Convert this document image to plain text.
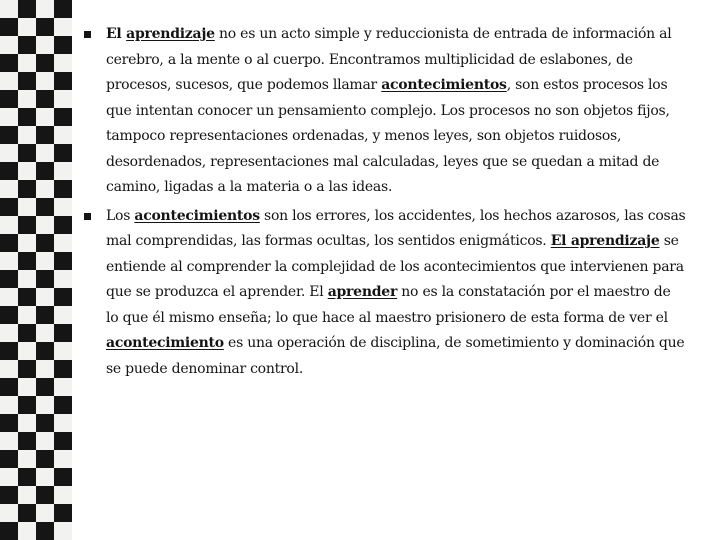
El aprendizaje no es un acto simple y reduccionista de entrada de información al cerebro, a la mente o al cuerpo. Encontramos multiplicidad de eslabones, de procesos, sucesos, que podemos llamar acontecimientos, son estos procesos los que intentan conocer un pensamiento complejo. Los procesos no son objetos fijos, tampoco representaciones ordenadas, y menos leyes, son objetos ruidosos, desordenados, representaciones mal calculadas, leyes que se quedan a mitad de camino, ligadas a la materia o a las ideas.
Los acontecimientos son los errores, los accidentes, los hechos azarosos, las cosas mal comprendidas, las formas ocultas, los sentidos enigmáticos. El aprendizaje se entiende al comprender la complejidad de los acontecimientos que intervienen para que se produzca el aprender. El aprender no es la constatación por el maestro de lo que él mismo enseña; lo que hace al maestro prisionero de esta forma de ver el acontecimiento es una operación de disciplina, de sometimiento y dominación que se puede denominar control.
